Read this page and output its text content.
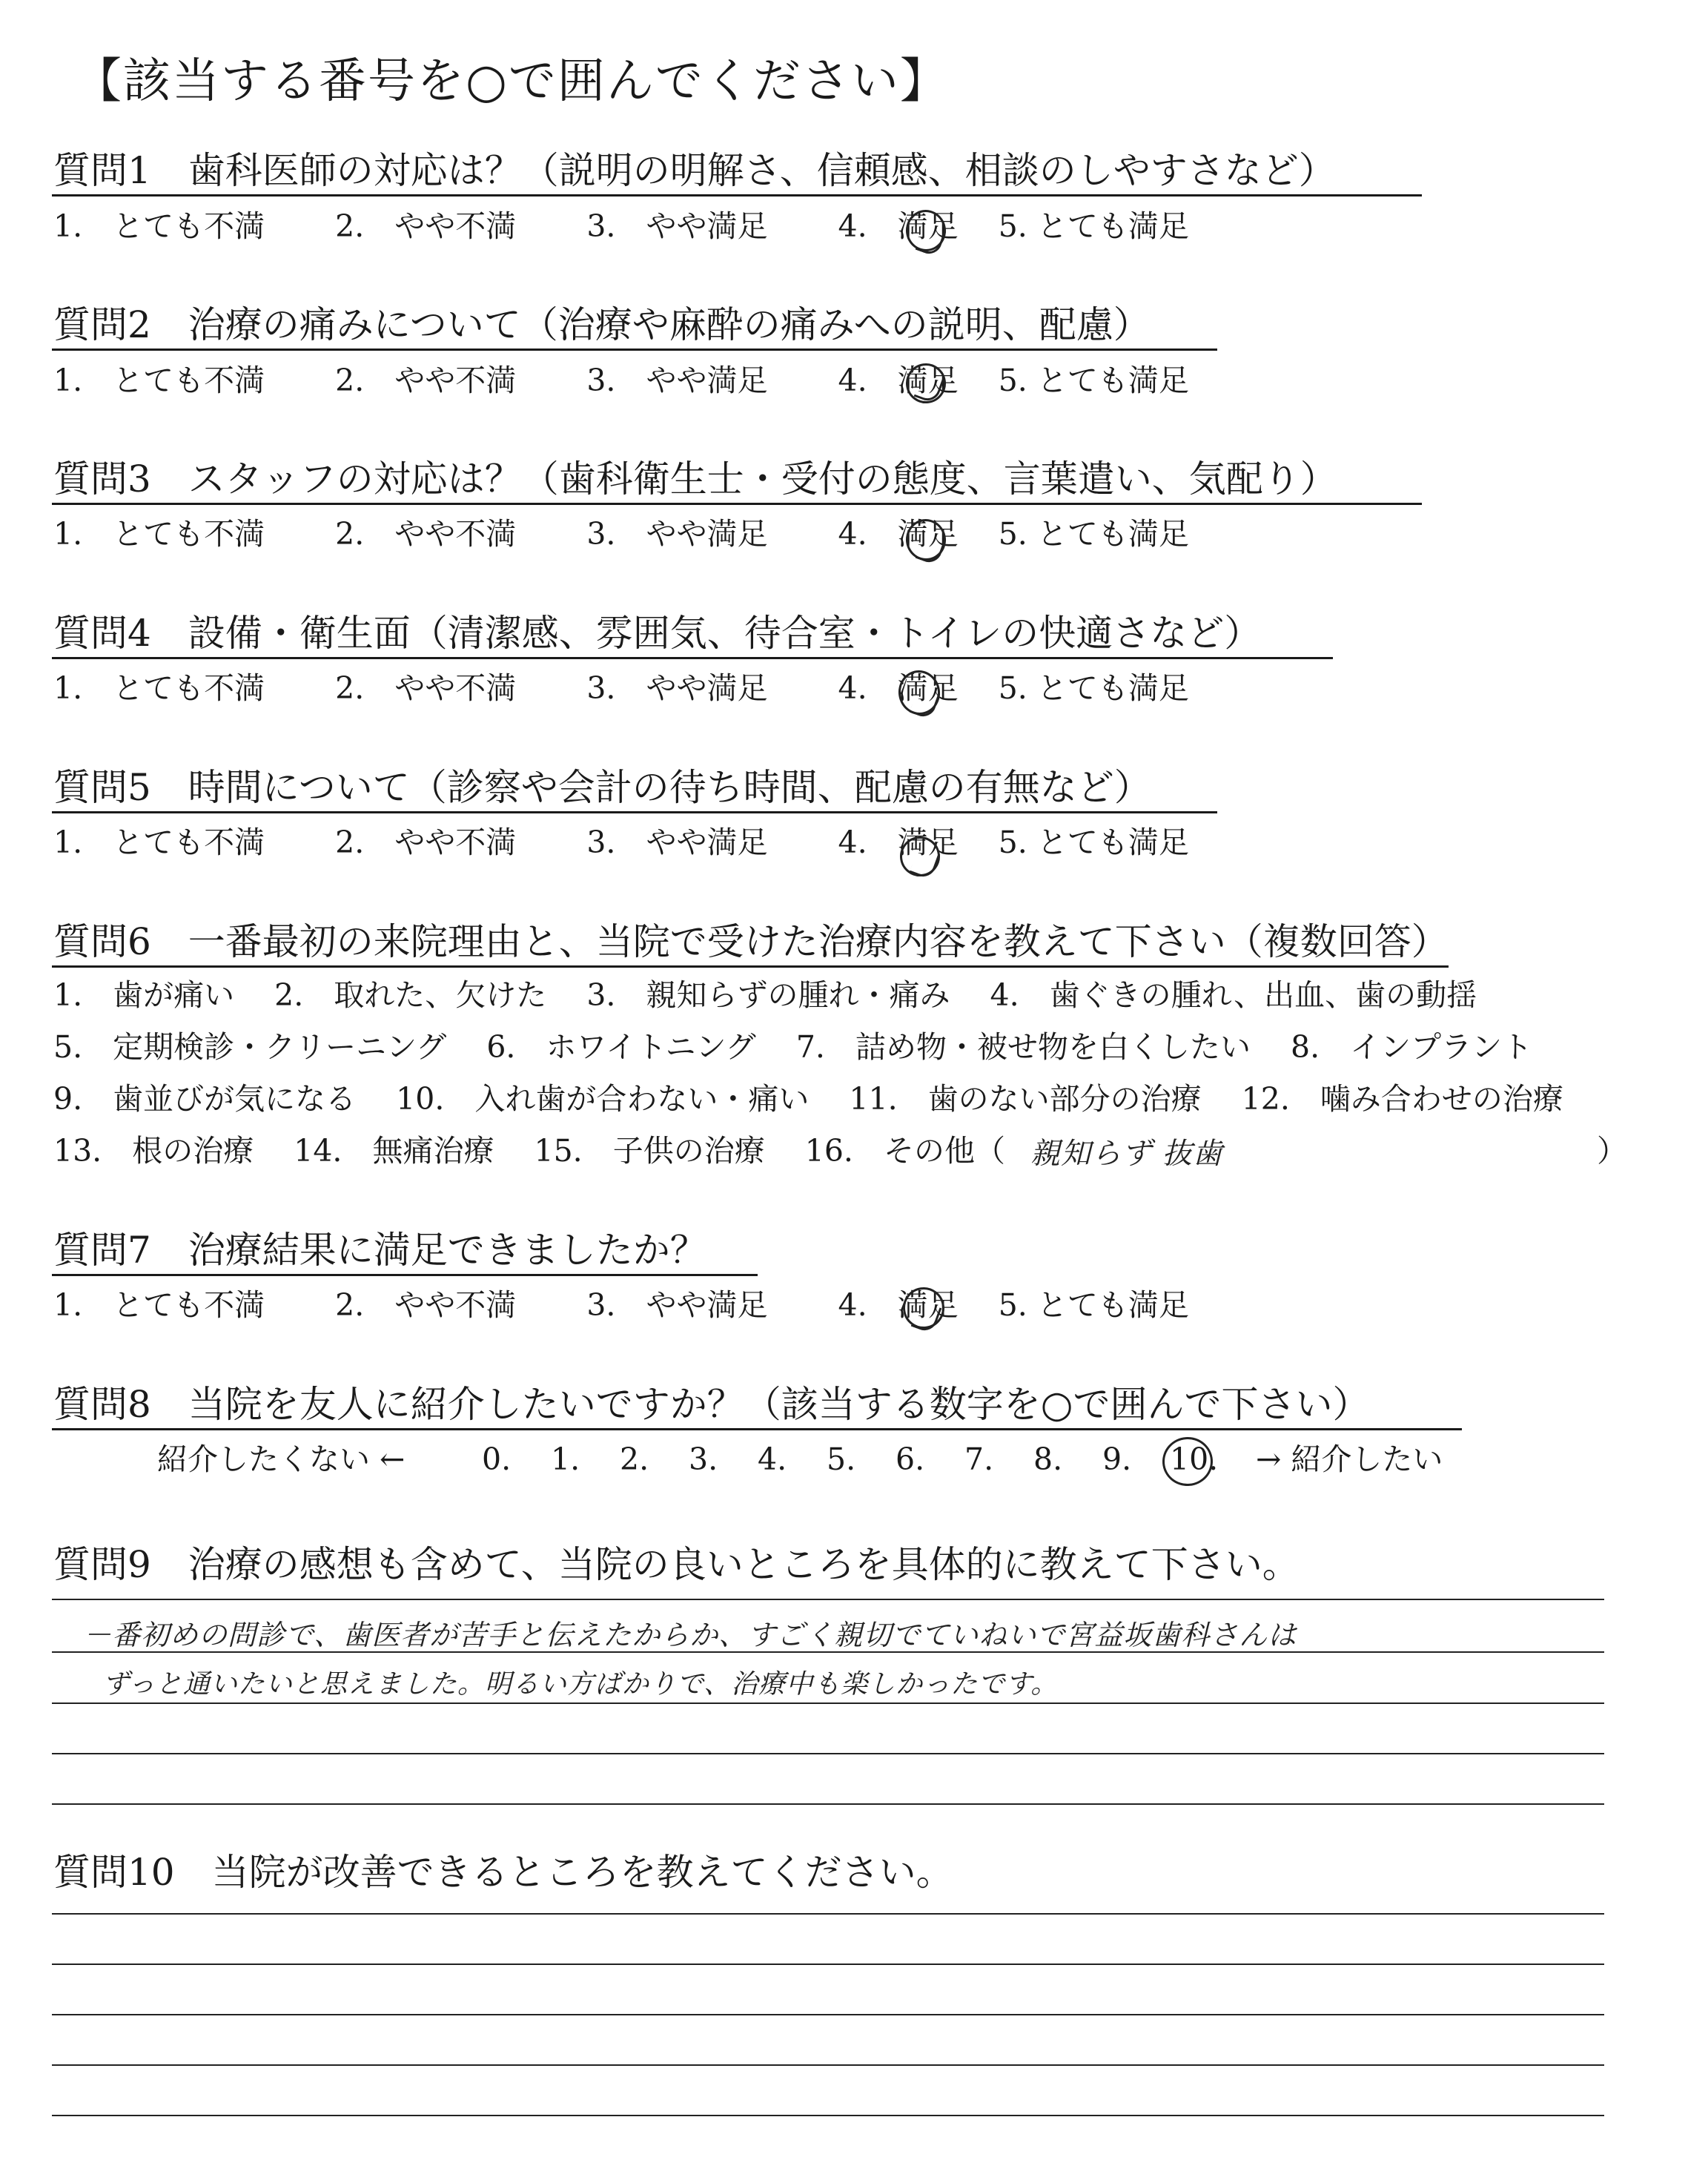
【該当する番号を○で囲んでください】
質問1　歯科医師の対応は？（説明の明解さ、信頼感、相談のしやすさなど）
1.　とても不満　　 2.　やや不満　　 3.　やや満足　　 4.　満足　 5. とても満足
質問2　治療の痛みについて（治療や麻酔の痛みへの説明、配慮）
1.　とても不満　　 2.　やや不満　　 3.　やや満足　　 4.　満足　 5. とても満足
質問3　スタッフの対応は？（歯科衛生士・受付の態度、言葉遣い、気配り）
1.　とても不満　　 2.　やや不満　　 3.　やや満足　　 4.　満足　 5. とても満足
質問4　設備・衛生面（清潔感、雰囲気、待合室・トイレの快適さなど）
1.　とても不満　　 2.　やや不満　　 3.　やや満足　　 4.　満足　 5. とても満足
質問5　時間について（診察や会計の待ち時間、配慮の有無など）
1.　とても不満　　 2.　やや不満　　 3.　やや満足　　 4.　満足　 5. とても満足
質問6　一番最初の来院理由と、当院で受けた治療内容を教えて下さい（複数回答）
1.　歯が痛い　 2.　取れた、欠けた　 3.　親知らずの腫れ・痛み　 4.　歯ぐきの腫れ、出血、歯の動揺
5.　定期検診・クリーニング　 6.　ホワイトニング　 7.　詰め物・被せ物を白くしたい　 8.　インプラント
9.　歯並びが気になる　 10.　入れ歯が合わない・痛い　 11.　歯のない部分の治療　 12.　噛み合わせの治療
13.　根の治療　 14.　無痛治療　 15.　子供の治療　 16.　その他（ 親知らず 抜歯	）
質問7　治療結果に満足できましたか？
1.　とても不満　　 2.　やや不満　　 3.　やや満足　　 4.　満足　 5. とても満足
質問8　当院を友人に紹介したいですか？（該当する数字を○で囲んで下さい）
紹介したくない ←	0. 1. 2. 3. 4. 5. 6. 7. 8. 9. 10. → 紹介したい
質問9　治療の感想も含めて、当院の良いところを具体的に教えて下さい。
－番初めの問診で、歯医者が苦手と伝えたからか、すごく親切でていねいで宮益坂歯科さんは
ずっと通いたいと思えました。明るい方ばかりで、治療中も楽しかったです。
質問10　当院が改善できるところを教えてください。
